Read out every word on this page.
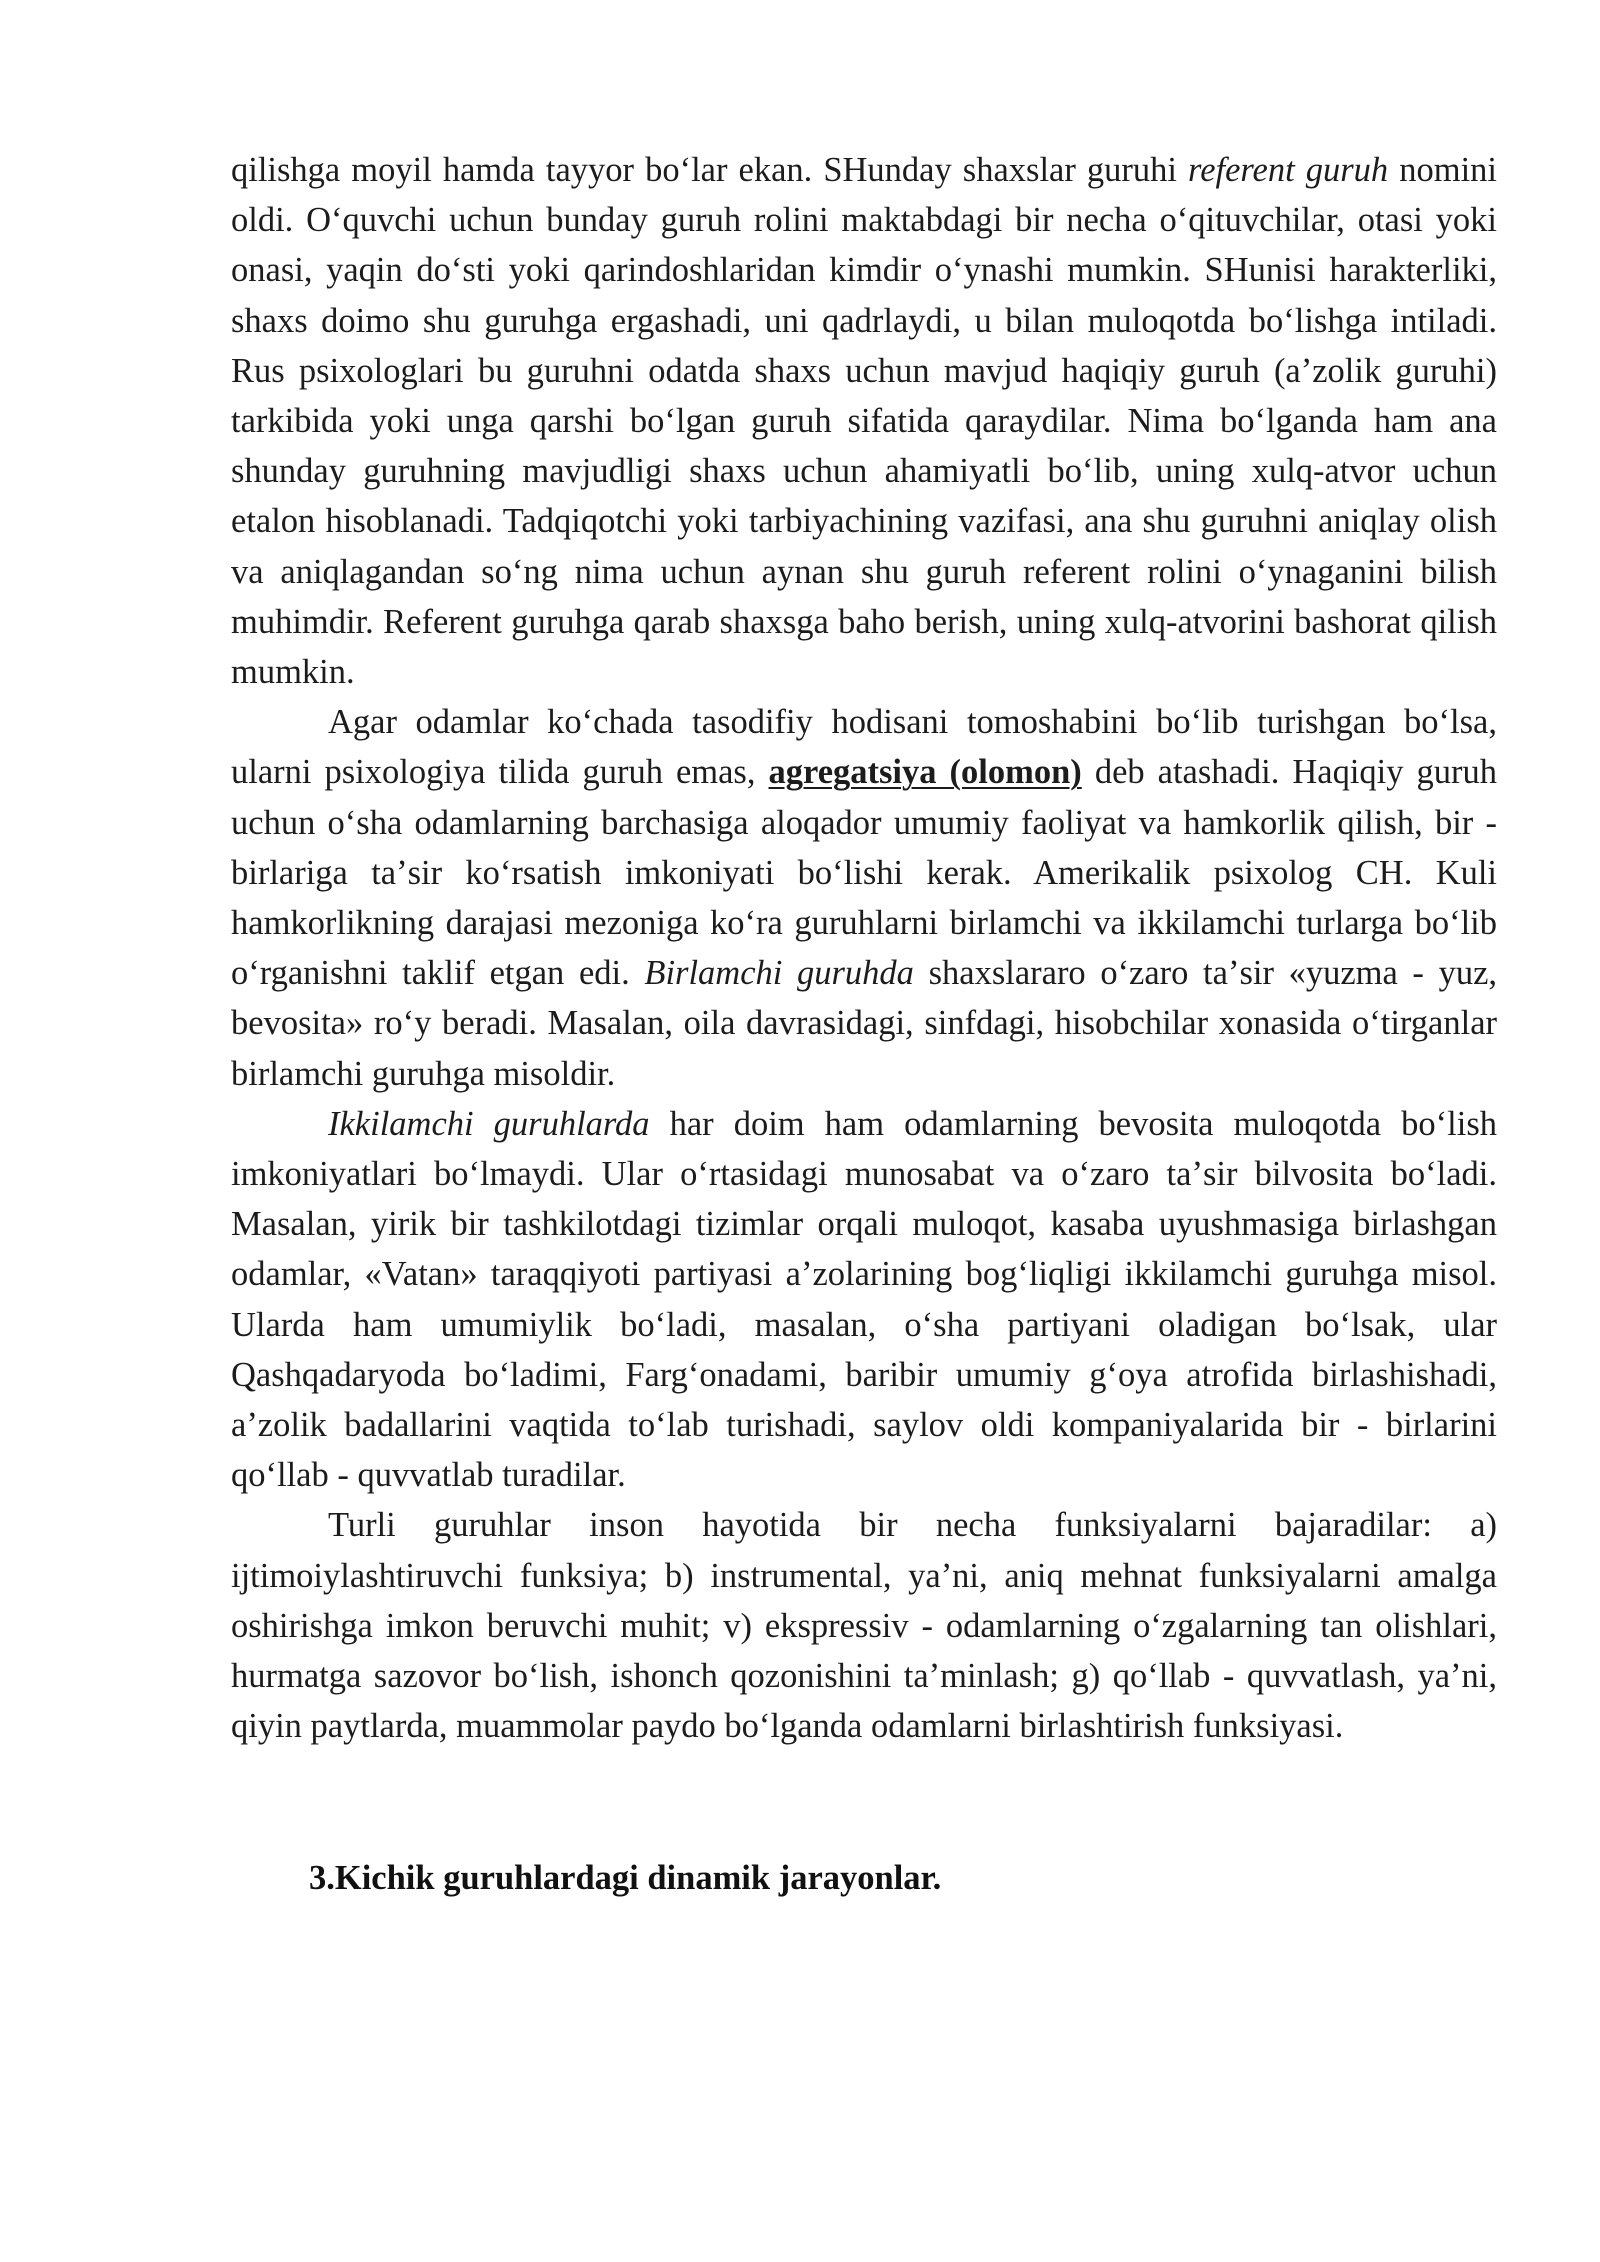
qilishga moyil hamda tayyor boʻlar ekan. SHunday shaxslar guruhi referent guruh nomini oldi. Oʻquvchi uchun bunday guruh rolini maktabdagi bir necha oʻqituvchilar, otasi yoki onasi, yaqin doʻsti yoki qarindoshlaridan kimdir oʻynashi mumkin. SHunisi harakterliki, shaxs doimo shu guruhga ergashadi, uni qadrlaydi, u bilan muloqotda boʻlishga intiladi. Rus psixologlari bu guruhni odatda shaxs uchun mavjud haqiqiy guruh (aʼzolik guruhi) tarkibida yoki unga qarshi boʻlgan guruh sifatida qaraydilar. Nima boʻlganda ham ana shunday guruhning mavjudligi shaxs uchun ahamiyatli boʻlib, uning xulq-atvor uchun etalon hisoblanadi. Tadqiqotchi yoki tarbiyachining vazifasi, ana shu guruhni aniqlay olish va aniqlagandan soʻng nima uchun aynan shu guruh referent rolini oʻynaganini bilish muhimdir. Referent guruhga qarab shaxsga baho berish, uning xulq-atvorini bashorat qilish mumkin.

Agar odamlar koʻchada tasodifiy hodisani tomoshabini boʻlib turishgan boʻlsa, ularni psixologiya tilida guruh emas, agregatsiya (olomon) deb atashadi. Haqiqiy guruh uchun oʻsha odamlarning barchasiga aloqador umumiy faoliyat va hamkorlik qilish, bir - birlariga taʼsir koʻrsatish imkoniyati boʻlishi kerak. Amerikalik psixolog CH. Kuli hamkorlikning darajasi mezoniga koʻra guruhlarni birlamchi va ikkilamchi turlarga boʻlib oʻrganishni taklif etgan edi. Birlamchi guruhda shaxslararo oʻzaro taʼsir «yuzma - yuz, bevosita» roʻy beradi. Masalan, oila davrasidagi, sinfdagi, hisobchilar xonasida oʻtirganlar birlamchi guruhga misoldir.

Ikkilamchi guruhlarda har doim ham odamlarning bevosita muloqotda boʻlish imkoniyatlari boʻlmaydi. Ular oʻrtasidagi munosabat va oʻzaro taʼsir bilvosita boʻladi. Masalan, yirik bir tashkilotdagi tizimlar orqali muloqot, kasaba uyushmasiga birlashgan odamlar, «Vatan» taraqqiyoti partiyasi aʼzolarining bogʻliqligi ikkilamchi guruhga misol. Ularda ham umumiylik boʻladi, masalan, oʻsha partiyani oladigan boʻlsak, ular Qashqadaryoda boʻladimi, Fargʻonadami, baribir umumiy gʻoya atrofida birlashishadi, aʼzolik badallarini vaqtida toʻlab turishadi, saylov oldi kompaniyalarida bir - birlarini qoʻllab - quvvatlab turadilar.

Turli guruhlar inson hayotida bir necha funksiyalarni bajaradilar: a) ijtimoiylashtiruvchi funksiya; b) instrumental, yaʼni, aniq mehnat funksiyalarni amalga oshirishga imkon beruvchi muhit; v) ekspressiv - odamlarning oʻzgalarning tan olishlari, hurmatga sazovor boʻlish, ishonch qozonishini taʼminlash; g) qoʻllab - quvvatlash, yaʼni, qiyin paytlarda, muammolar paydo boʻlganda odamlarni birlashtirish funksiyasi.

3.Kichik guruhlardagi dinamik jarayonlar.
